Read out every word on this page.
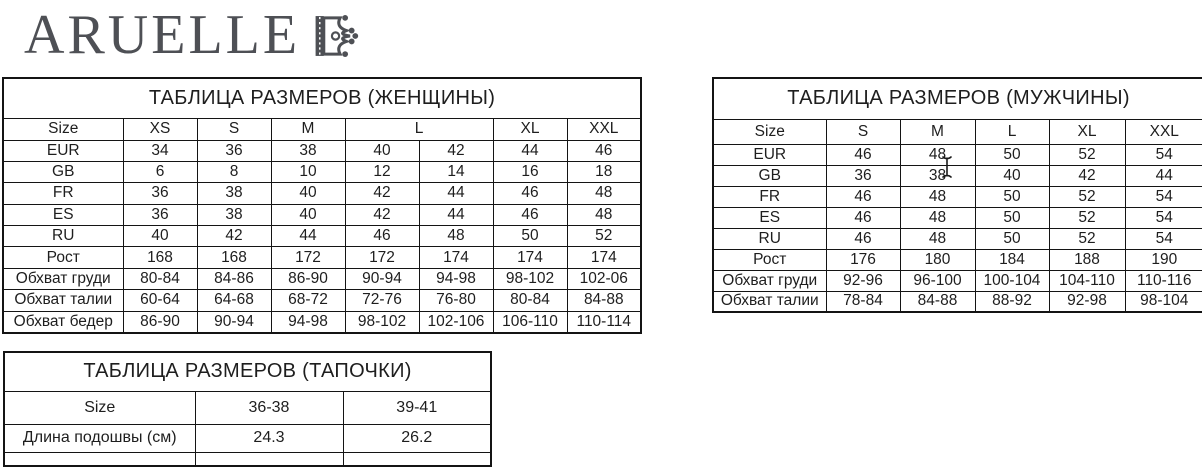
ARUELLE
ТАБЛИЦА РАЗМЕРОВ (ЖЕНЩИНЫ)							
Size	XS	S	M	L		XL	XXL
EUR	34	36	38	40	42	44	46
GB	6	8	10	12	14	16	18
FR	36	38	40	42	44	46	48
ES	36	38	40	42	44	46	48
RU	40	42	44	46	48	50	52
Рост	168	168	172	172	174	174	174
Обхват груди	80-84	84-86	86-90	90-94	94-98	98-102	102-06
Обхват талии	60-64	64-68	68-72	72-76	76-80	80-84	84-88
Обхват бедер	86-90	90-94	94-98	98-102	102-106	106-110	110-114
ТАБЛИЦА РАЗМЕРОВ (МУЖЧИНЫ)					
Size	S	M	L	XL	XXL
EUR	46	48	50	52	54
GB	36	38	40	42	44
FR	46	48	50	52	54
ES	46	48	50	52	54
RU	46	48	50	52	54
Рост	176	180	184	188	190
Обхват груди	92-96	96-100	100-104	104-110	110-116
Обхват талии	78-84	84-88	88-92	92-98	98-104
ТАБЛИЦА РАЗМЕРОВ (ТАПОЧКИ)		
Size	36-38	39-41
Длина подошвы (см)	24.3	26.2
